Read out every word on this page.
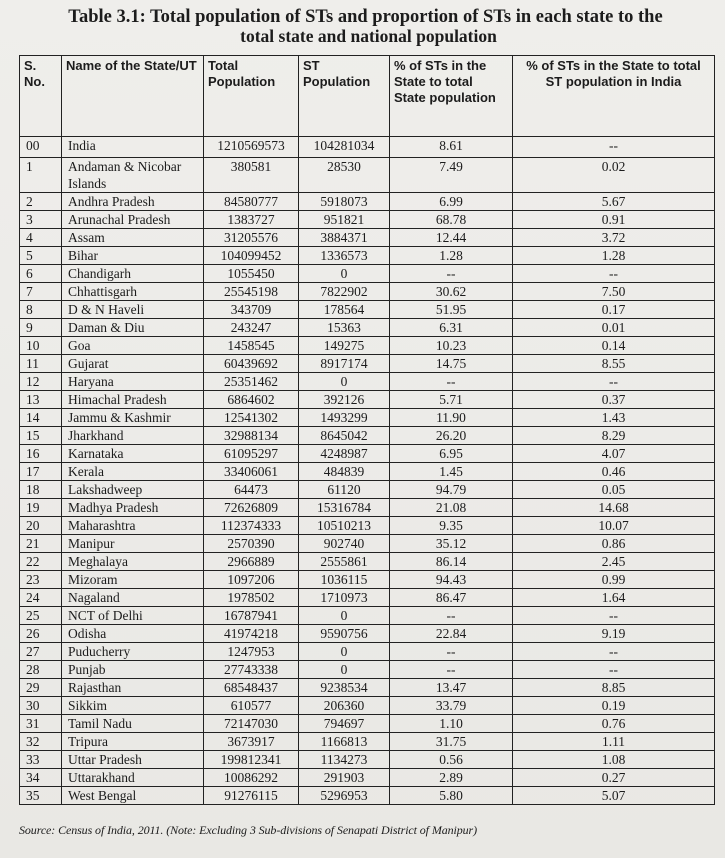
Table 3.1: Total population of STs and proportion of STs in each state to the
total state and national population
S. No.	Name of the State/UT	Total Population	ST Population	% of STs in the State to total State population	% of STs in the State to total ST population in India
00	India	1210569573	104281034	8.61	--
1	Andaman & Nicobar Islands	380581	28530	7.49	0.02
2	Andhra Pradesh	84580777	5918073	6.99	5.67
3	Arunachal Pradesh	1383727	951821	68.78	0.91
4	Assam	31205576	3884371	12.44	3.72
5	Bihar	104099452	1336573	1.28	1.28
6	Chandigarh	1055450	0	--	--
7	Chhattisgarh	25545198	7822902	30.62	7.50
8	D & N Haveli	343709	178564	51.95	0.17
9	Daman & Diu	243247	15363	6.31	0.01
10	Goa	1458545	149275	10.23	0.14
11	Gujarat	60439692	8917174	14.75	8.55
12	Haryana	25351462	0	--	--
13	Himachal Pradesh	6864602	392126	5.71	0.37
14	Jammu & Kashmir	12541302	1493299	11.90	1.43
15	Jharkhand	32988134	8645042	26.20	8.29
16	Karnataka	61095297	4248987	6.95	4.07
17	Kerala	33406061	484839	1.45	0.46
18	Lakshadweep	64473	61120	94.79	0.05
19	Madhya Pradesh	72626809	15316784	21.08	14.68
20	Maharashtra	112374333	10510213	9.35	10.07
21	Manipur	2570390	902740	35.12	0.86
22	Meghalaya	2966889	2555861	86.14	2.45
23	Mizoram	1097206	1036115	94.43	0.99
24	Nagaland	1978502	1710973	86.47	1.64
25	NCT of Delhi	16787941	0	--	--
26	Odisha	41974218	9590756	22.84	9.19
27	Puducherry	1247953	0	--	--
28	Punjab	27743338	0	--	--
29	Rajasthan	68548437	9238534	13.47	8.85
30	Sikkim	610577	206360	33.79	0.19
31	Tamil Nadu	72147030	794697	1.10	0.76
32	Tripura	3673917	1166813	31.75	1.11
33	Uttar Pradesh	199812341	1134273	0.56	1.08
34	Uttarakhand	10086292	291903	2.89	0.27
35	West Bengal	91276115	5296953	5.80	5.07
Source: Census of India, 2011. (Note: Excluding 3 Sub-divisions of Senapati District of Manipur)
